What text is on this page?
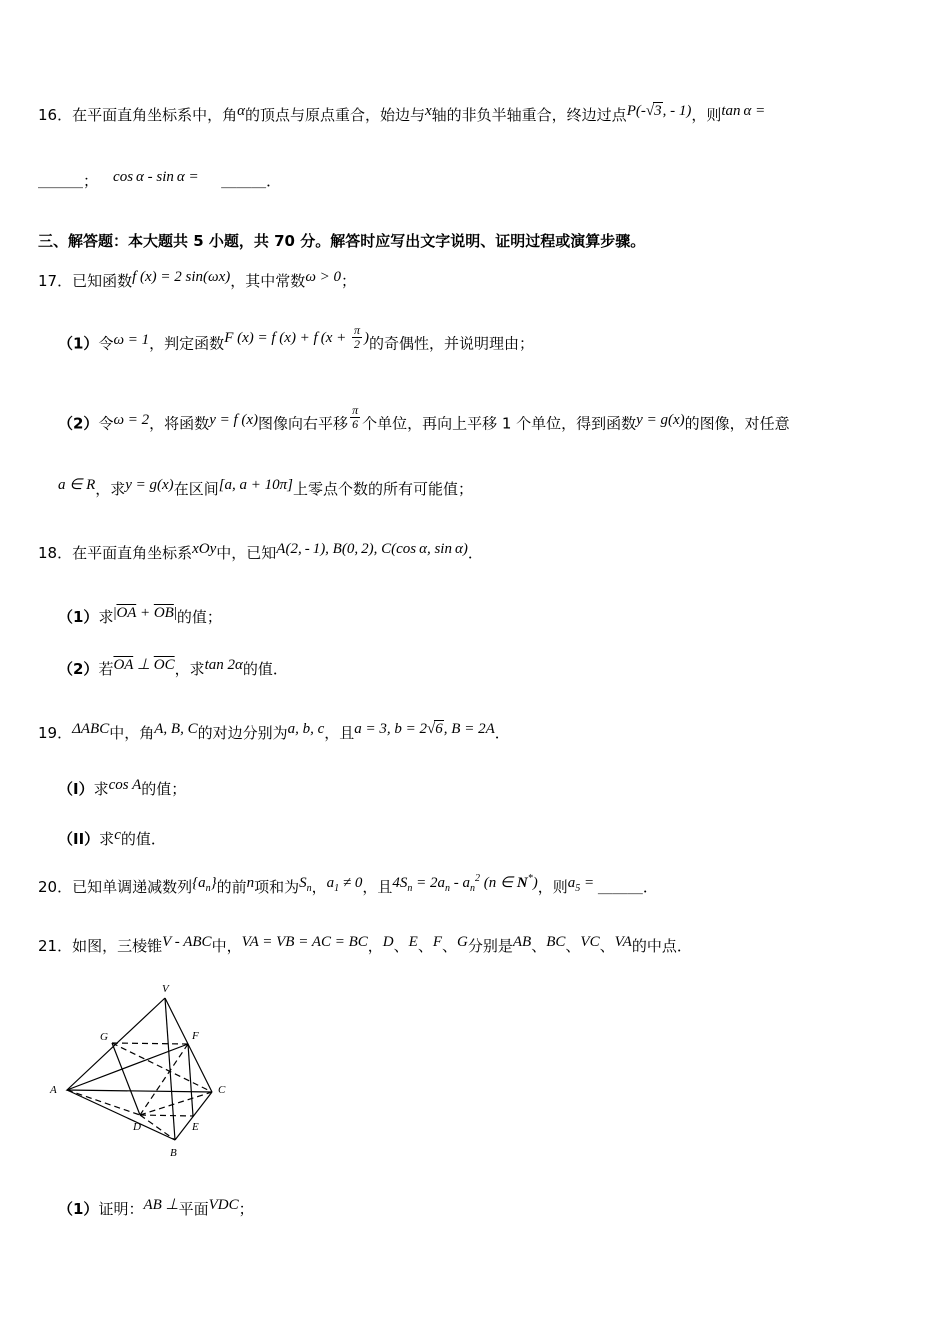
16．在平面直角坐标系中，角α的顶点与原点重合，始边与x轴的非负半轴重合，终边过点P(-√3, - 1)，则tan α =
＿＿＿； cos α - sin α = ＿＿＿．
三、解答题：本大题共 5 小题，共 70 分。解答时应写出文字说明、证明过程或演算步骤。
17．已知函数f (x) = 2 sin(ωx)，其中常数ω > 0；
（1）令ω = 1，判定函数F (x) = f (x) + f ($x + \frac{\pi}{2}$ )的奇偶性，并说明理由；
（2）令ω = 2，将函数y = f (x)图像向右平移 $\frac{\pi}{6}$ 个单位，再向上平移 1 个单位，得到函数y = g(x)的图像，对任意
a ∈ R，求y = g(x)在区间[a, a + 10π]上零点个数的所有可能值；
18．在平面直角坐标系xOy中，已知A(2, - 1), B(0, 2), C(cos α, sin α)．
（1）求$|\overline{OA} + \overline{OB}|$的值；
（2）若$\overline{OA}$ ⊥ $\overline{OC}$，求tan 2α的值．
19．ΔABC中，角A, B, C的对边分别为a, b, c，且a = 3, b = 2√6, B = 2A．
（I）求cos A的值；
（II）求c的值．
20．已知单调递减数列$\{a_n\}$的前n项和为$S_n$，$a_1 \ne 0$，且$4S_n = 2a_n - a_n^2$ (n ∈ N*)，则$a_5$ = ＿＿＿．
21．如图，三棱锥V - ABC中，VA = VB = AC = BC，D、E、F、G分别是AB、BC、VC、VA的中点．
V
G	F
A	C
D	E
B
（1）证明：AB ⊥平面VDC；
